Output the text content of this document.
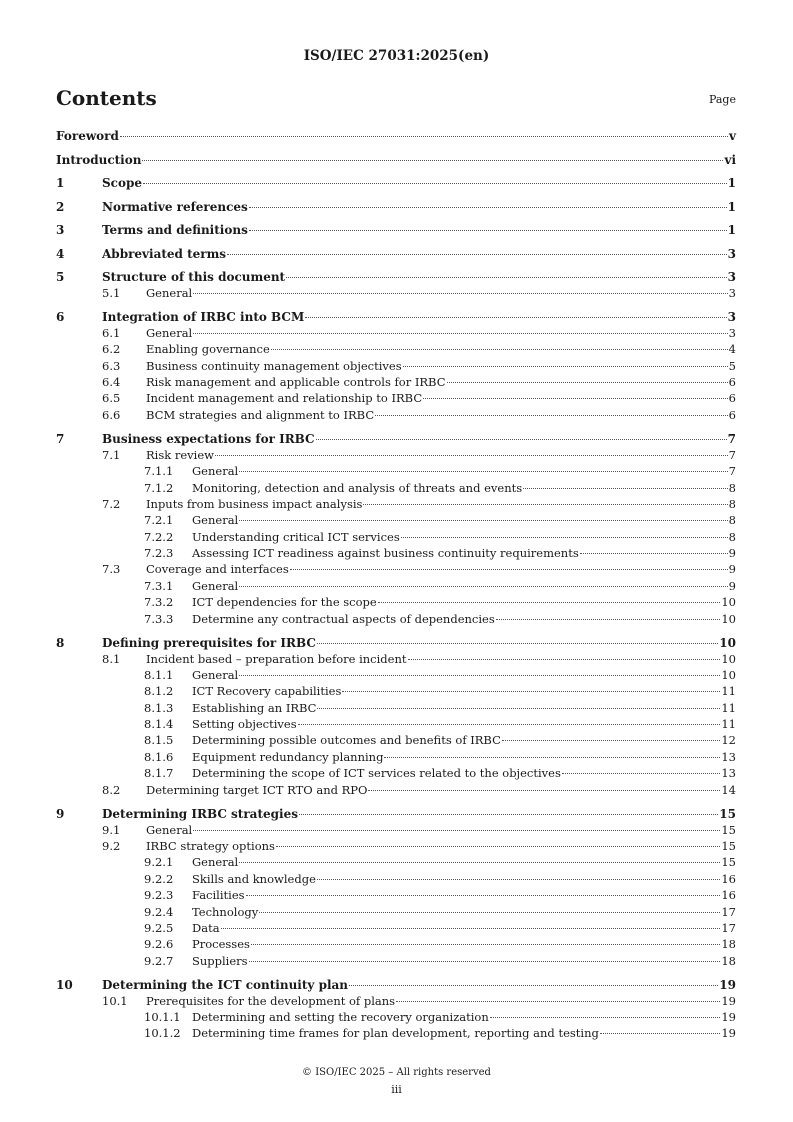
ISO/IEC 27031:2025(en)
Contents	Page
Foreword	v
Introduction	vi
1	Scope	1
2	Normative references	1
3	Terms and definitions	1
4	Abbreviated terms	3
5	Structure of this document	3
5.1	General	3
6	Integration of IRBC into BCM	3
6.1	General	3
6.2	Enabling governance	4
6.3	Business continuity management objectives	5
6.4	Risk management and applicable controls for IRBC	6
6.5	Incident management and relationship to IRBC	6
6.6	BCM strategies and alignment to IRBC	6
7	Business expectations for IRBC	7
7.1	Risk review	7
7.1.1	General	7
7.1.2	Monitoring, detection and analysis of threats and events	8
7.2	Inputs from business impact analysis	8
7.2.1	General	8
7.2.2	Understanding critical ICT services	8
7.2.3	Assessing ICT readiness against business continuity requirements	9
7.3	Coverage and interfaces	9
7.3.1	General	9
7.3.2	ICT dependencies for the scope	10
7.3.3	Determine any contractual aspects of dependencies	10
8	Defining prerequisites for IRBC	10
8.1	Incident based – preparation before incident	10
8.1.1	General	10
8.1.2	ICT Recovery capabilities	11
8.1.3	Establishing an IRBC	11
8.1.4	Setting objectives	11
8.1.5	Determining possible outcomes and benefits of IRBC	12
8.1.6	Equipment redundancy planning	13
8.1.7	Determining the scope of ICT services related to the objectives	13
8.2	Determining target ICT RTO and RPO	14
9	Determining IRBC strategies	15
9.1	General	15
9.2	IRBC strategy options	15
9.2.1	General	15
9.2.2	Skills and knowledge	16
9.2.3	Facilities	16
9.2.4	Technology	17
9.2.5	Data	17
9.2.6	Processes	18
9.2.7	Suppliers	18
10	Determining the ICT continuity plan	19
10.1	Prerequisites for the development of plans	19
10.1.1 Determining and setting the recovery organization	19
10.1.2 Determining time frames for plan development, reporting and testing	19
© ISO/IEC 2025 – All rights reserved
iii
